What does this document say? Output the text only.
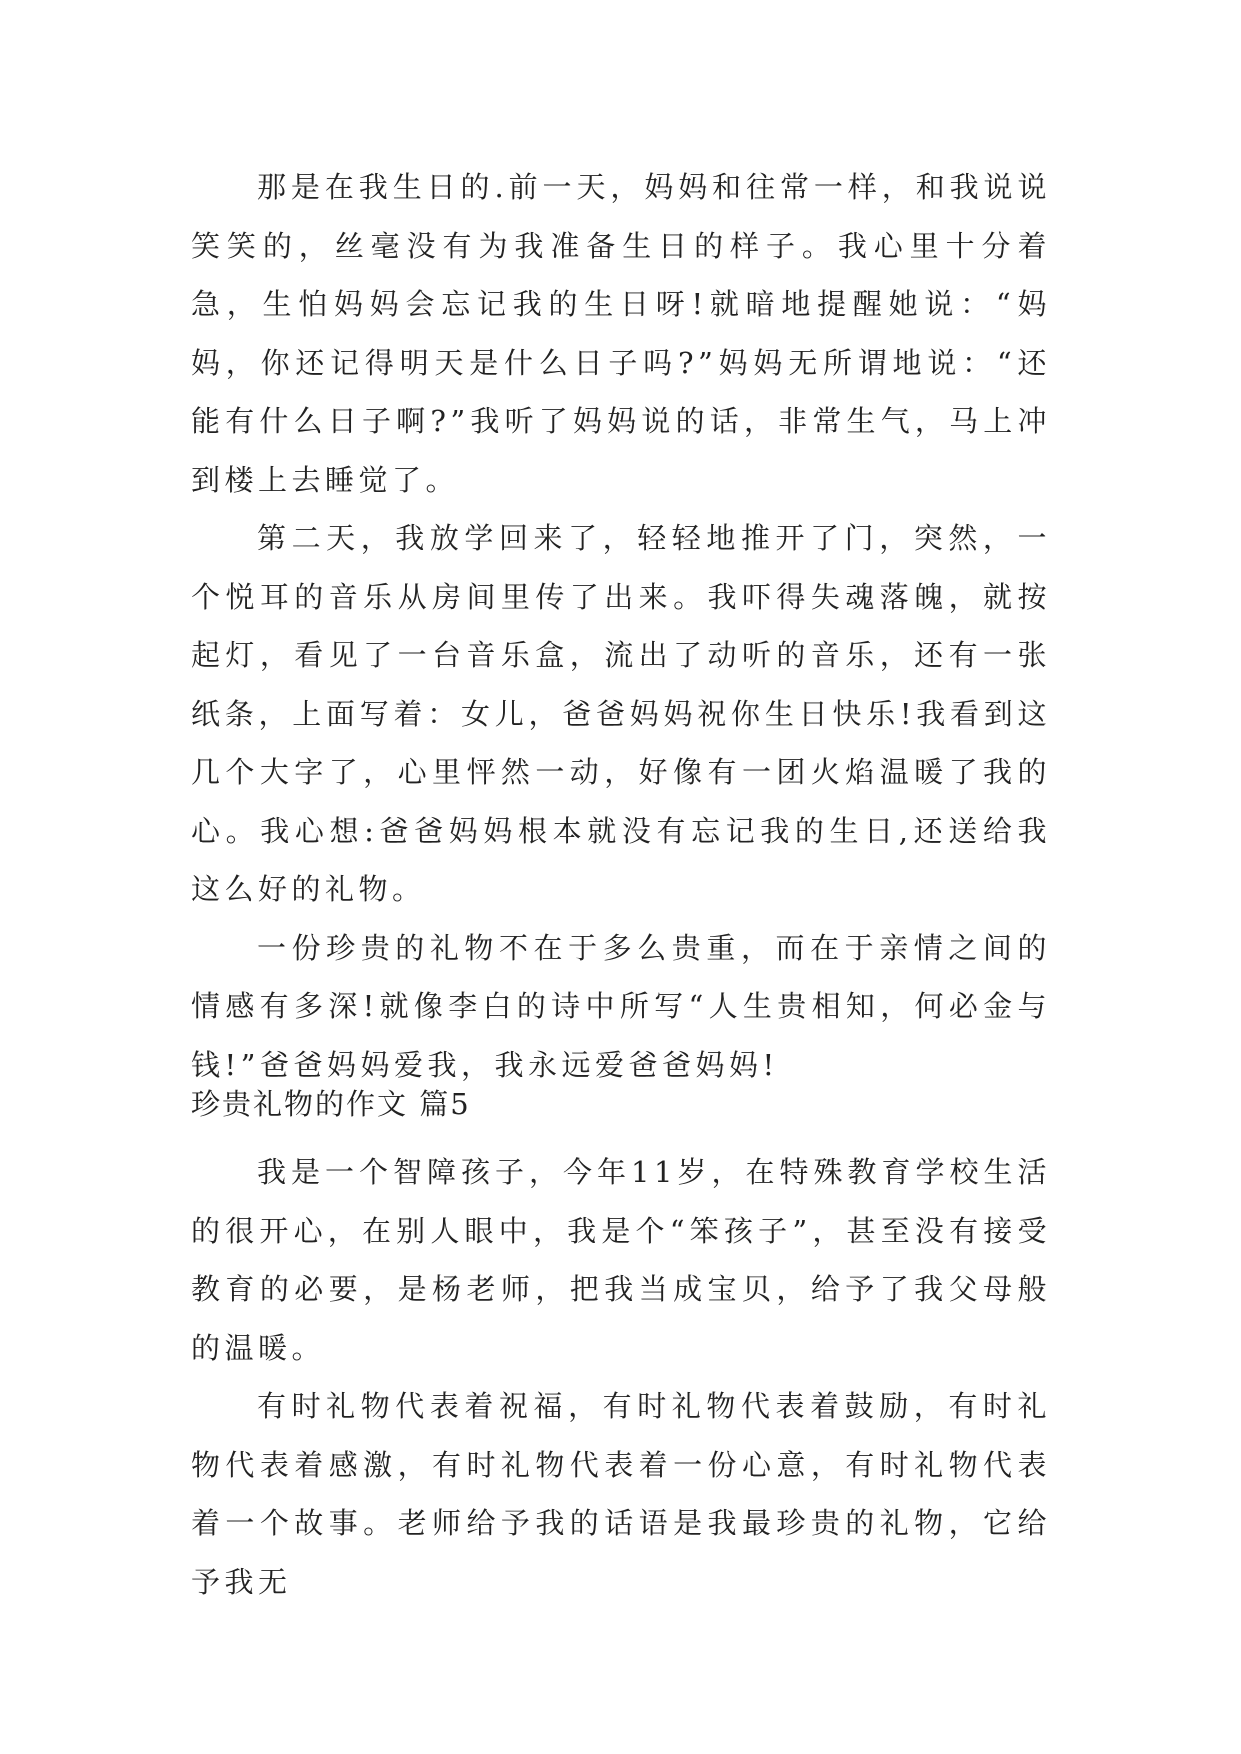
那是在我生日的.前一天，妈妈和往常一样，和我说说笑笑的，丝毫没有为我准备生日的样子。我心里十分着急，生怕妈妈会忘记我的生日呀!就暗地提醒她说：“妈妈，你还记得明天是什么日子吗?”妈妈无所谓地说：“还能有什么日子啊?”我听了妈妈说的话，非常生气，马上冲到楼上去睡觉了。

第二天，我放学回来了，轻轻地推开了门，突然，一个悦耳的音乐从房间里传了出来。我吓得失魂落魄，就按起灯，看见了一台音乐盒，流出了动听的音乐，还有一张纸条，上面写着：女儿，爸爸妈妈祝你生日快乐!我看到这几个大字了，心里怦然一动，好像有一团火焰温暖了我的心。我心想:爸爸妈妈根本就没有忘记我的生日,还送给我这么好的礼物。

一份珍贵的礼物不在于多么贵重，而在于亲情之间的情感有多深!就像李白的诗中所写“人生贵相知，何必金与钱!”爸爸妈妈爱我，我永远爱爸爸妈妈!

珍贵礼物的作文 篇5

我是一个智障孩子，今年11岁，在特殊教育学校生活的很开心，在别人眼中，我是个“笨孩子”，甚至没有接受教育的必要，是杨老师，把我当成宝贝，给予了我父母般的温暖。

有时礼物代表着祝福，有时礼物代表着鼓励，有时礼物代表着感激，有时礼物代表着一份心意，有时礼物代表着一个故事。老师给予我的话语是我最珍贵的礼物，它给予我无
